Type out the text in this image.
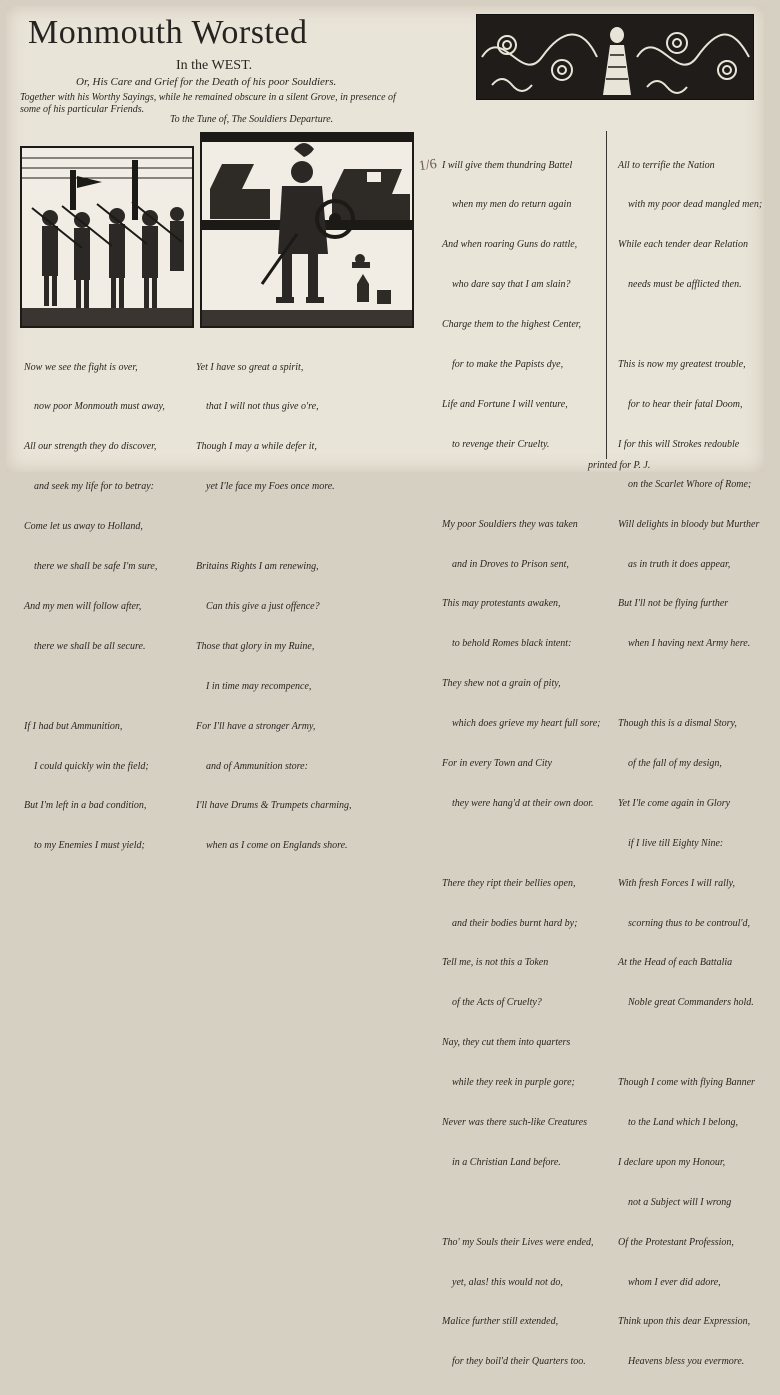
Monmouth Worsted
In the WEST.
Or, His Care and Grief for the Death of his poor Souldiers.
Together with his Worthy Sayings, while he remained obscure in a silent Grove, in presence of some of his particular Friends.
To the Tune of, The Souldiers Departure.
1/6

Now we see the fight is over,

now poor Monmouth must away,

All our strength they do discover,

and seek my life for to betray:

Come let us away to Holland,

there we shall be safe I'm sure,

And my men will follow after,

there we shall be all secure.

If I had but Ammunition,

I could quickly win the field;

But I'm left in a bad condition,

to my Enemies I must yield;

Yet I have so great a spirit,

that I will not thus give o're,

Though I may a while defer it,

yet I'le face my Foes once more.

Britains Rights I am renewing,

Can this give a just offence?

Those that glory in my Ruine,

I in time may recompence,

For I'll have a stronger Army,

and of Ammunition store:

I'll have Drums & Trumpets charming,

when as I come on Englands shore.

I will give them thundring Battel

when my men do return again

And when roaring Guns do rattle,

who dare say that I am slain?

Charge them to the highest Center,

for to make the Papists dye,

Life and Fortune I will venture,

to revenge their Cruelty.

My poor Souldiers they was taken

and in Droves to Prison sent,

This may protestants awaken,

to behold Romes black intent:

They shew not a grain of pity,

which does grieve my heart full sore;

For in every Town and City

they were hang'd at their own door.

There they ript their bellies open,

and their bodies burnt hard by;

Tell me, is not this a Token

of the Acts of Cruelty?

Nay, they cut them into quarters

while they reek in purple gore;

Never was there such-like Creatures

in a Christian Land before.

Tho' my Souls their Lives were ended,

yet, alas! this would not do,

Malice further still extended,

for they boil'd their Quarters too.

All to terrifie the Nation

with my poor dead mangled men;

While each tender dear Relation

needs must be afflicted then.

This is now my greatest trouble,

for to hear their fatal Doom,

I for this will Strokes redouble

on the Scarlet Whore of Rome;

Will delights in bloody but Murther

as in truth it does appear,

But I'll not be flying further

when I having next Army here.

Though this is a dismal Story,

of the fall of my design,

Yet I'le come again in Glory

if I live till Eighty Nine:

With fresh Forces I will rally,

scorning thus to be controul'd,

At the Head of each Battalia

Noble great Commanders hold.

Though I come with flying Banner

to the Land which I belong,

I declare upon my Honour,

not a Subject will I wrong

Of the Protestant Profession,

whom I ever did adore,

Think upon this dear Expression,

Heavens bless you evermore.

printed for P. J.
